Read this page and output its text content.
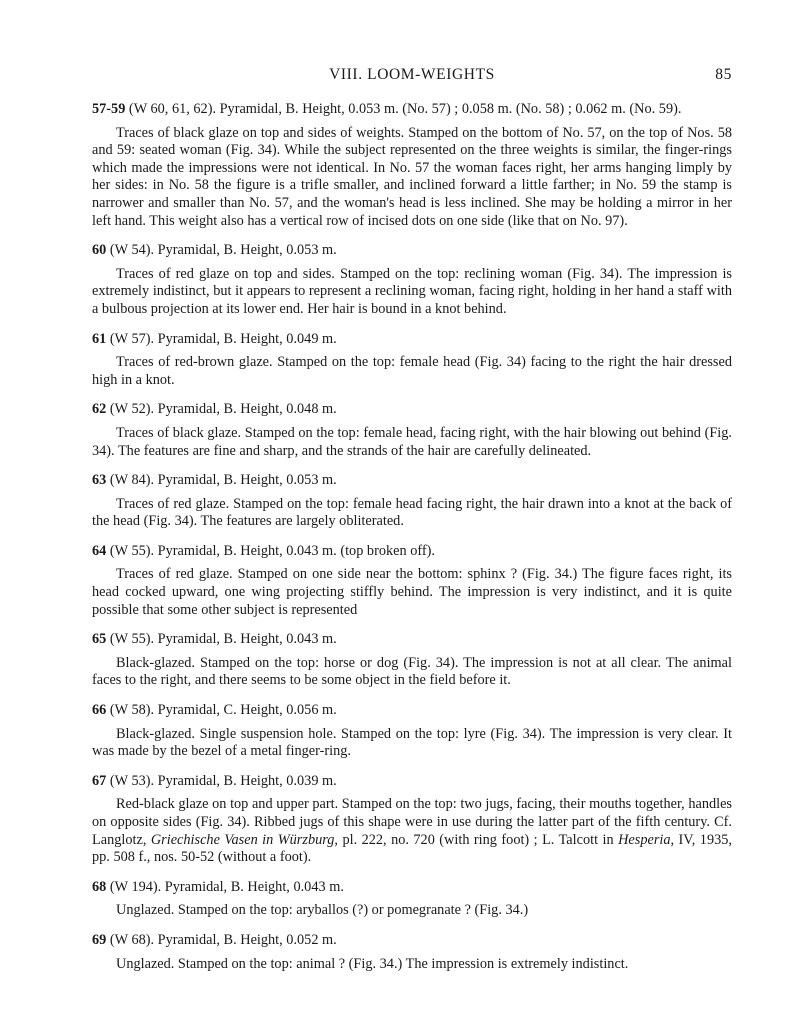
VIII. LOOM-WEIGHTS	85
57-59 (W 60, 61, 62). Pyramidal, B. Height, 0.053 m. (No. 57) ; 0.058 m. (No. 58) ; 0.062 m. (No. 59).
Traces of black glaze on top and sides of weights. Stamped on the bottom of No. 57, on the top of Nos. 58 and 59: seated woman (Fig. 34). While the subject represented on the three weights is similar, the finger-rings which made the impressions were not identical. In No. 57 the woman faces right, her arms hanging limply by her sides: in No. 58 the figure is a trifle smaller, and inclined forward a little farther; in No. 59 the stamp is narrower and smaller than No. 57, and the woman's head is less inclined. She may be holding a mirror in her left hand. This weight also has a vertical row of incised dots on one side (like that on No. 97).
60 (W 54). Pyramidal, B. Height, 0.053 m.
Traces of red glaze on top and sides. Stamped on the top: reclining woman (Fig. 34). The impression is extremely indistinct, but it appears to represent a reclining woman, facing right, holding in her hand a staff with a bulbous projection at its lower end. Her hair is bound in a knot behind.
61 (W 57). Pyramidal, B. Height, 0.049 m.
Traces of red-brown glaze. Stamped on the top: female head (Fig. 34) facing to the right the hair dressed high in a knot.
62 (W 52). Pyramidal, B. Height, 0.048 m.
Traces of black glaze. Stamped on the top: female head, facing right, with the hair blowing out behind (Fig. 34). The features are fine and sharp, and the strands of the hair are carefully delineated.
63 (W 84). Pyramidal, B. Height, 0.053 m.
Traces of red glaze. Stamped on the top: female head facing right, the hair drawn into a knot at the back of the head (Fig. 34). The features are largely obliterated.
64 (W 55). Pyramidal, B. Height, 0.043 m. (top broken off).
Traces of red glaze. Stamped on one side near the bottom: sphinx ? (Fig. 34.) The figure faces right, its head cocked upward, one wing projecting stiffly behind. The impression is very indistinct, and it is quite possible that some other subject is represented
65 (W 55). Pyramidal, B. Height, 0.043 m.
Black-glazed. Stamped on the top: horse or dog (Fig. 34). The impression is not at all clear. The animal faces to the right, and there seems to be some object in the field before it.
66 (W 58). Pyramidal, C. Height, 0.056 m.
Black-glazed. Single suspension hole. Stamped on the top: lyre (Fig. 34). The impression is very clear. It was made by the bezel of a metal finger-ring.
67 (W 53). Pyramidal, B. Height, 0.039 m.
Red-black glaze on top and upper part. Stamped on the top: two jugs, facing, their mouths together, handles on opposite sides (Fig. 34). Ribbed jugs of this shape were in use during the latter part of the fifth century. Cf. Langlotz, Griechische Vasen in Würzburg, pl. 222, no. 720 (with ring foot) ; L. Talcott in Hesperia, IV, 1935, pp. 508 f., nos. 50-52 (without a foot).
68 (W 194). Pyramidal, B. Height, 0.043 m.
Unglazed. Stamped on the top: aryballos (?) or pomegranate ? (Fig. 34.)
69 (W 68). Pyramidal, B. Height, 0.052 m.
Unglazed. Stamped on the top: animal ? (Fig. 34.) The impression is extremely indistinct.
